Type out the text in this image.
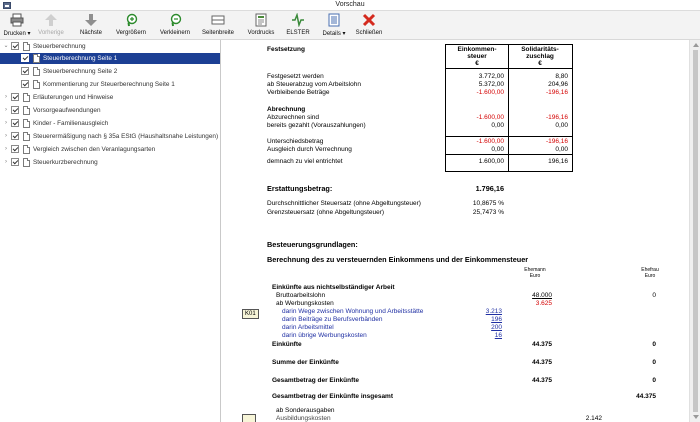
Vorschau
Drucken ▾	Vorherige	Nächste	Vergrößern	Verkleinern	Seitenbreite	Vordrucks	ELSTER	Details ▾	Schließen
⌄	Steuerberechnung
Steuerberechnung Seite 1
Steuerberechnung Seite 2
Kommentierung zur Steuerberechnung Seite 1
›	Erläuterungen und Hinweise
›	Vorsorgeaufwendungen
›	Kinder - Familienausgleich
›	Steuerermäßigung nach § 35a EStG (Haushaltsnahe Leistungen)
›	Vergleich zwischen den Veranlagungsarten
›	Steuerkurzberechnung
Festsetzung	Einkommen-
steuer
€
Solidaritäts-
zuschlag
€
Festgesetzt werden	3.772,00	8,80
ab Steuerabzug vom Arbeitslohn	5.372,00	204,96
Verbleibende Beträge	-1.600,00	-196,16
Abrechnung
Abzurechnen sind	-1.600,00	-196,16
bereits gezahlt (Vorauszahlungen)	0,00	0,00
Unterschiedsbetrag	-1.600,00	-196,16
Ausgleich durch Verrechnung	0,00	0,00
demnach zu viel entrichtet	1.600,00	196,16
Erstattungsbetrag:	1.796,16
Durchschnittlicher Steuersatz (ohne Abgeltungsteuer)	10,8675 %
Grenzsteuersatz (ohne Abgeltungsteuer)	25,7473 %
Besteuerungsgrundlagen:
Berechnung des zu versteuernden Einkommens und der Einkommensteuer
Ehemann
Euro
Ehefrau
Euro
Einkünfte aus nichtselbständiger Arbeit
Bruttoarbeitslohn	48.000	0
ab Werbungskosten	3.625
K01	darin Wege zwischen Wohnung und Arbeitsstätte	3.213
darin Beiträge zu Berufsverbänden	196
darin Arbeitsmittel	200
darin übrige Werbungskosten	16
Einkünfte	44.375	0
Summe der Einkünfte	44.375	0
Gesamtbetrag der Einkünfte	44.375	0
Gesamtbetrag der Einkünfte insgesamt	44.375
ab Sonderausgaben
Ausbildungskosten	2.142
